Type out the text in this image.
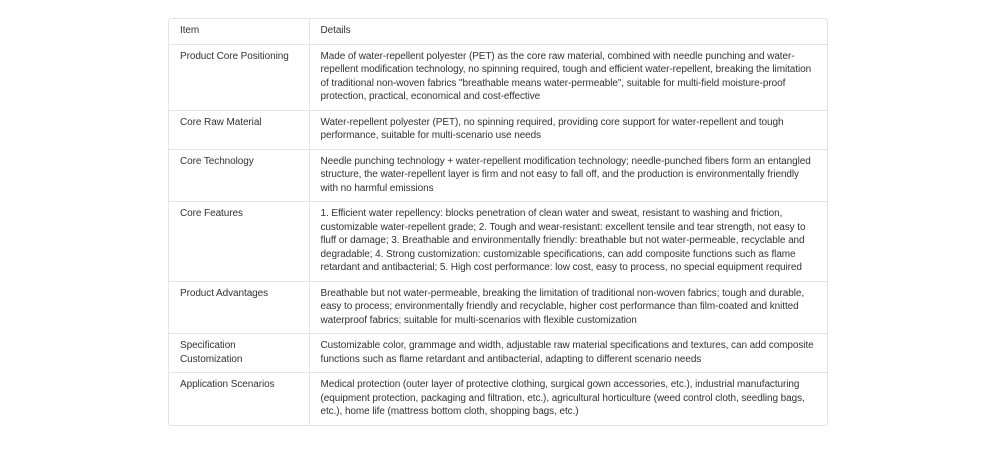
Item	Details
Product Core Positioning	Made of water-repellent polyester (PET) as the core raw material, combined with needle punching and water-repellent modification technology, no spinning required, tough and efficient water-repellent, breaking the limitation of traditional non-woven fabrics "breathable means water-permeable", suitable for multi-field moisture-proof protection, practical, economical and cost-effective
Core Raw Material	Water-repellent polyester (PET), no spinning required, providing core support for water-repellent and tough performance, suitable for multi-scenario use needs
Core Technology	Needle punching technology + water-repellent modification technology; needle-punched fibers form an entangled structure, the water-repellent layer is firm and not easy to fall off, and the production is environmentally friendly with no harmful emissions
Core Features	1. Efficient water repellency: blocks penetration of clean water and sweat, resistant to washing and friction, customizable water-repellent grade; 2. Tough and wear-resistant: excellent tensile and tear strength, not easy to fluff or damage; 3. Breathable and environmentally friendly: breathable but not water-permeable, recyclable and degradable; 4. Strong customization: customizable specifications, can add composite functions such as flame retardant and antibacterial; 5. High cost performance: low cost, easy to process, no special equipment required
Product Advantages	Breathable but not water-permeable, breaking the limitation of traditional non-woven fabrics; tough and durable, easy to process; environmentally friendly and recyclable, higher cost performance than film-coated and knitted waterproof fabrics; suitable for multi-scenarios with flexible customization
Specification Customization	Customizable color, grammage and width, adjustable raw material specifications and textures, can add composite functions such as flame retardant and antibacterial, adapting to different scenario needs
Application Scenarios	Medical protection (outer layer of protective clothing, surgical gown accessories, etc.), industrial manufacturing (equipment protection, packaging and filtration, etc.), agricultural horticulture (weed control cloth, seedling bags, etc.), home life (mattress bottom cloth, shopping bags, etc.)
